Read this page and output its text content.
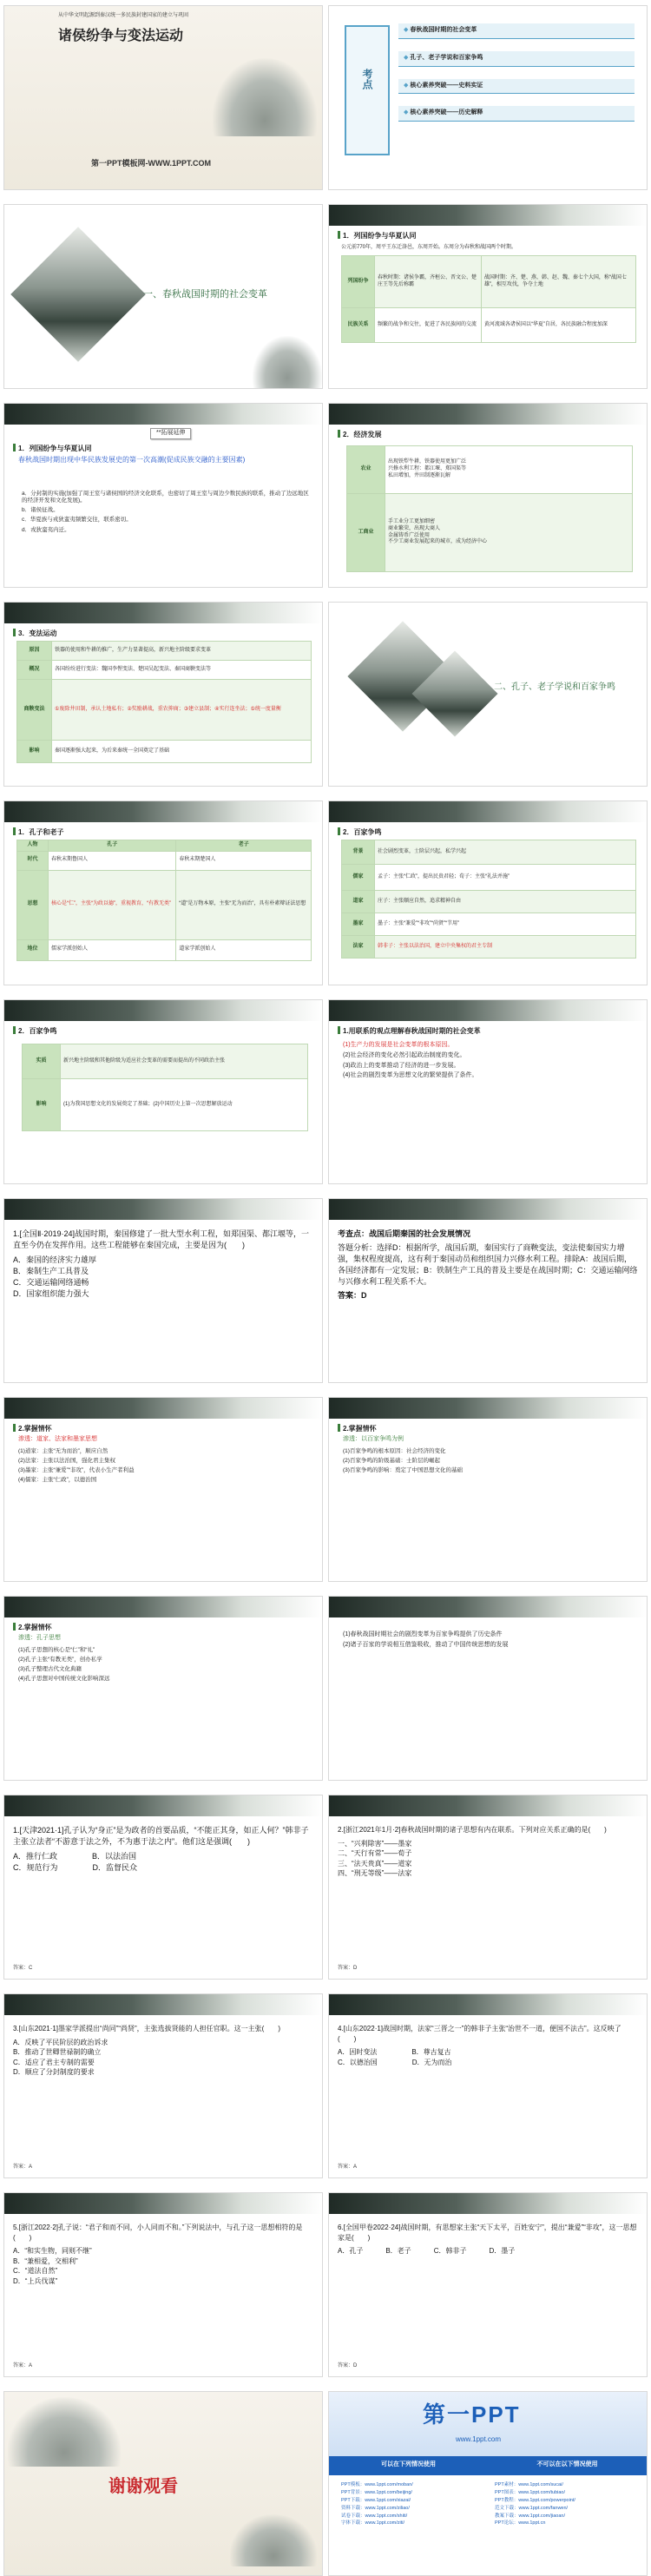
从中华文明起源到秦汉统一多民族封建国家的建立与巩固
诸侯纷争与变法运动
第一PPT模板网-WWW.1PPT.COM
考点
◆ 春秋战国时期的社会变革
◆ 孔子、老子学说和百家争鸣
◆ 核心素养突破——史料实证
◆ 核心素养突破——历史解释
一、春秋战国时期的社会变革
1．列国纷争与华夏认同
公元前770年，周平王东迁洛邑，东周开始。东周分为春秋和战国两个时期。
列国纷争	春秋时期：诸侯争霸，齐桓公、晋文公、楚庄王等先后称霸	战国时期：齐、楚、燕、韩、赵、魏、秦七个大国，称“战国七雄”，相互攻伐，争夺土地
民族关系	频繁的战争和交往，促进了各民族间的交流	黄河流域各诸侯国以“华夏”自居，各民族融合程度加深
**拓展延伸
1．列国纷争与华夏认同
春秋战国时期出现中华民族发展史的第一次高潮(促成民族交融的主要因素)
a．分封制的实施(加强了周王室与诸侯国的经济文化联系，也密切了周王室与周边少数民族的联系，推动了边远地区的经济开发和文化发展)。
b．诸侯征战。
c．华夏族与戎狄蛮夷频繁交往，联系密切。
d．戎狄蛮夷内迁。
2．经济发展
农业	出现铁犁牛耕，铁器使用更加广泛
兴修水利工程：都江堰、郑国渠等
私田增加，井田制逐渐瓦解

工商业	手工业分工更加细密
商业繁荣，出现大商人
金属铸币广泛使用
不少工商业发展起来的城市，成为经济中心
3．变法运动
原因	铁器的使用和牛耕的推广，生产力显著提高，新兴地主阶级要求变革
概况	各国纷纷进行变法：魏国李悝变法、楚国吴起变法、秦国商鞅变法等
商鞅变法	①废除井田制，承认土地私有；②奖励耕战，重农抑商；③建立县制；④实行连坐法；⑤统一度量衡
影响	秦国逐渐强大起来，为后来秦统一全国奠定了基础
二、孔子、老子学说和百家争鸣
1．孔子和老子
人物	孔子	老子
时代	春秋末期鲁国人	春秋末期楚国人
思想	核心是“仁”，主张“为政以德”，重视教育，“有教无类”	“道”是万物本原，主张“无为而治”，具有朴素辩证法思想
地位	儒家学派创始人	道家学派创始人
2．百家争鸣
背景	社会剧烈变革，士阶层兴起，私学兴起
儒家	孟子：主张“仁政”，提出民贵君轻；荀子：主张“礼法并施”
道家	庄子：主张顺应自然，追求精神自由
墨家	墨子：主张“兼爱”“非攻”“尚贤”“节用”
法家	韩非子：主张以法治国，建立中央集权的君主专制
2．百家争鸣
实质	新兴地主阶级和其他阶级为适应社会变革的需要而提出的不同政治主张
影响	(1)为我国思想文化的发展奠定了基础；(2)中国历史上第一次思想解放运动
1.用联系的观点理解春秋战国时期的社会变革
(1)生产力的发展是社会变革的根本原因。
(2)社会经济的变化必然引起政治制度的变化。
(3)政治上的变革推动了经济的进一步发展。
(4)社会的剧烈变革为思想文化的繁荣提供了条件。
1.[全国Ⅱ·2019·24]战国时期，秦国修建了一批大型水利工程，如郑国渠、都江堰等，一直至今仍在发挥作用。这些工程能够在秦国完成，主要是因为(　　)
A．秦国的经济实力雄厚
B．秦制生产工具普及
C．交通运输网络通畅
D．国家组织能力强大
考查点：战国后期秦国的社会发展情况
答题分析：选择D：根据所学，战国后期，秦国实行了商鞅变法，变法使秦国实力增强，集权程度提高，这有利于秦国动员和组织国力兴修水利工程。排除A：战国后期，各国经济都有一定发展；B：铁制生产工具的普及主要是在战国时期；C：交通运输网络与兴修水利工程关系不大。
答案：D
2.掌握情怀
渗透：道家、法家和墨家思想
(1)道家：主张“无为而治”，顺应自然
(2)法家：主张以法治国，强化君主集权
(3)墨家：主张“兼爱”“非攻”，代表小生产者利益
(4)儒家：主张“仁政”，以德治国
2.掌握情怀
渗透：以百家争鸣为例
(1)百家争鸣的根本原因：社会经济的变化
(2)百家争鸣的阶级基础：士阶层的崛起
(3)百家争鸣的影响：奠定了中国思想文化的基础
2.掌握情怀
渗透：孔子思想
(1)孔子思想的核心是“仁”和“礼”
(2)孔子主张“有教无类”，创办私学
(3)孔子整理古代文化典籍
(4)孔子思想对中国传统文化影响深远
(1)春秋战国时期社会的剧烈变革为百家争鸣提供了历史条件
(2)诸子百家的学说相互借鉴吸收，推动了中国传统思想的发展
1.[天津2021·1]孔子认为“身正”是为政者的首要品质，“不能正其身，如正人何？”韩非子主张立法者“不游意于法之外，不为惠于法之内”。他们这是强调(　　)
A．推行仁政	B．以法治国
C．规范行为	D．监督民众
答案：C
2.[浙江2021年1月·2]春秋战国时期的诸子思想有内在联系。下列对应关系正确的是(　　)
一、“兴利除害”——墨家
二、“天行有常”——荀子
三、“法天贵真”——道家
四、“刑无等级”——法家
答案：D
3.[山东2021·1]墨家学派提出“尚同”“尚贤”，主张选拔贤能的人担任官职。这一主张(　　)
A．反映了平民阶层的政治诉求
B．推动了世卿世禄制的确立
C．适应了君主专制的需要
D．顺应了分封制度的要求
答案：A
4.[山东2022·1]战国时期，法家“三晋之一”的韩非子主张“治世不一道，便国不法古”。这反映了(　　)
A．因时变法	B．尊古复古
C．以德治国	D．无为而治
答案：A
5.[浙江2022·2]孔子说：“君子和而不同，小人同而不和。”下列说法中，与孔子这一思想相符的是(　　)
A．“和实生物，同则不继”
B．“兼相爱，交相利”
C．“道法自然”
D．“上兵伐谋”
答案：A
6.[全国甲卷2022·24]战国时期，有思想家主张“天下太平，百姓安宁”，提出“兼爱”“非攻”，这一思想家是(　　)
A．孔子	B．老子	C．韩非子	D．墨子
答案：D
谢谢观看
第一PPT
www.1ppt.com
可以在下列情况使用	不可以在以下情况使用
PPT模板：www.1ppt.com/moban/	PPT素材：www.1ppt.com/sucai/
PPT背景：www.1ppt.com/beijing/	PPT图表：www.1ppt.com/tubiao/
PPT下载：www.1ppt.com/xiazai/	PPT教程：www.1ppt.com/powerpoint/
资料下载：www.1ppt.com/ziliao/	范文下载：www.1ppt.com/fanwen/
试卷下载：www.1ppt.com/shiti/	教案下载：www.1ppt.com/jiaoan/
字体下载：www.1ppt.com/ziti/	PPT论坛：www.1ppt.cn
